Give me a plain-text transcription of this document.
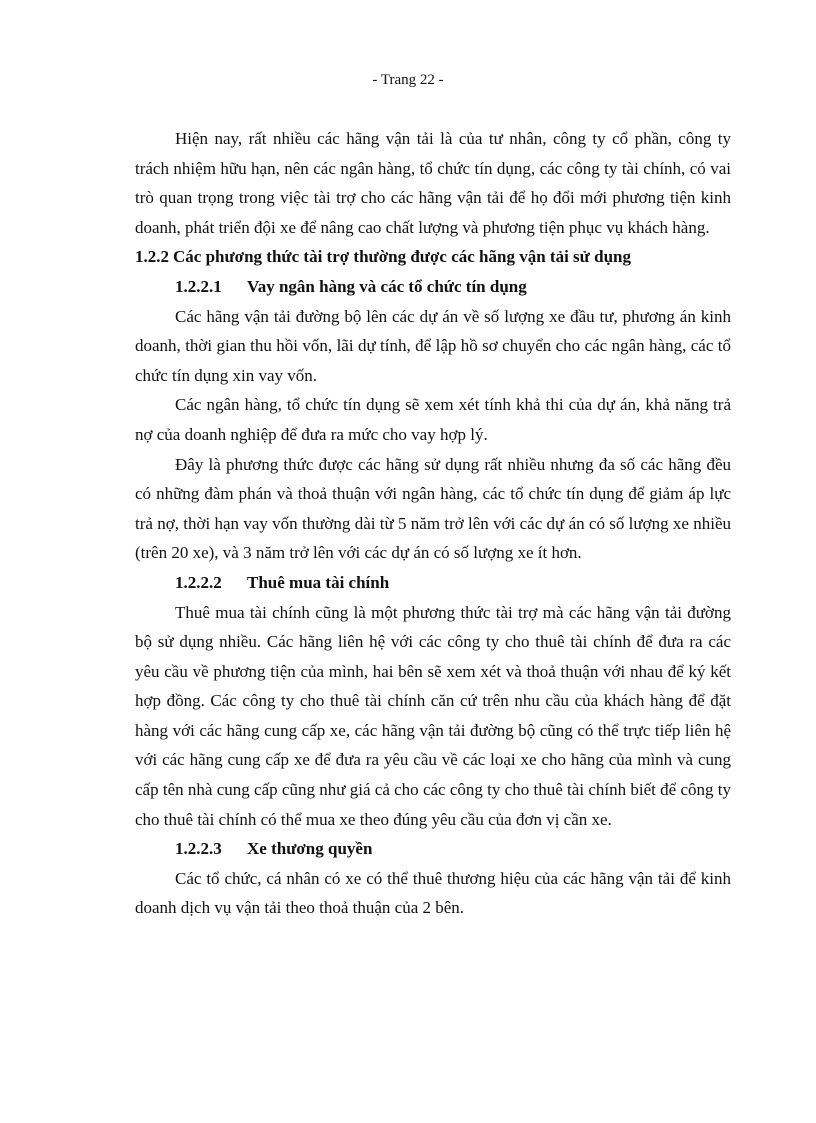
- Trang 22 -

Hiện nay, rất nhiều các hãng vận tải là của tư nhân, công ty cổ phần, công ty trách nhiệm hữu hạn, nên các ngân hàng, tổ chức tín dụng, các công ty tài chính, có vai trò quan trọng trong việc tài trợ cho các hãng vận tải để họ đổi mới phương tiện kinh doanh, phát triển đội xe để nâng cao chất lượng và phương tiện phục vụ khách hàng.

1.2.2 Các phương thức tài trợ thường được các hãng vận tải sử dụng
1.2.2.1 Vay ngân hàng và các tổ chức tín dụng

Các hãng vận tải đường bộ lên các dự án về số lượng xe đầu tư, phương án kinh doanh, thời gian thu hồi vốn, lãi dự tính, để lập hồ sơ chuyển cho các ngân hàng, các tổ chức tín dụng xin vay vốn.

Các ngân hàng, tổ chức tín dụng sẽ xem xét tính khả thi của dự án, khả năng trả nợ của doanh nghiệp để đưa ra mức cho vay hợp lý.

Đây là phương thức được các hãng sử dụng rất nhiều nhưng đa số các hãng đều có những đàm phán và thoả thuận với ngân hàng, các tổ chức tín dụng để giảm áp lực trả nợ, thời hạn vay vốn thường dài từ 5 năm trở lên với các dự án có số lượng xe nhiều (trên 20 xe), và 3 năm trở lên với các dự án có số lượng xe ít hơn.

1.2.2.2 Thuê mua tài chính

Thuê mua tài chính cũng là một phương thức tài trợ mà các hãng vận tải đường bộ sử dụng nhiều. Các hãng liên hệ với các công ty cho thuê tài chính để đưa ra các yêu cầu về phương tiện của mình, hai bên sẽ xem xét và thoả thuận với nhau để ký kết hợp đồng. Các công ty cho thuê tài chính căn cứ trên nhu cầu của khách hàng để đặt hàng với các hãng cung cấp xe, các hãng vận tải đường bộ cũng có thể trực tiếp liên hệ với các hãng cung cấp xe để đưa ra yêu cầu về các loại xe cho hãng của mình và cung cấp tên nhà cung cấp cũng như giá cả cho các công ty cho thuê tài chính biết để công ty cho thuê tài chính có thể mua xe theo đúng yêu cầu của đơn vị cần xe.

1.2.2.3 Xe thương quyền

Các tổ chức, cá nhân có xe có thể thuê thương hiệu của các hãng vận tải để kinh doanh dịch vụ vận tải theo thoả thuận của 2 bên.
